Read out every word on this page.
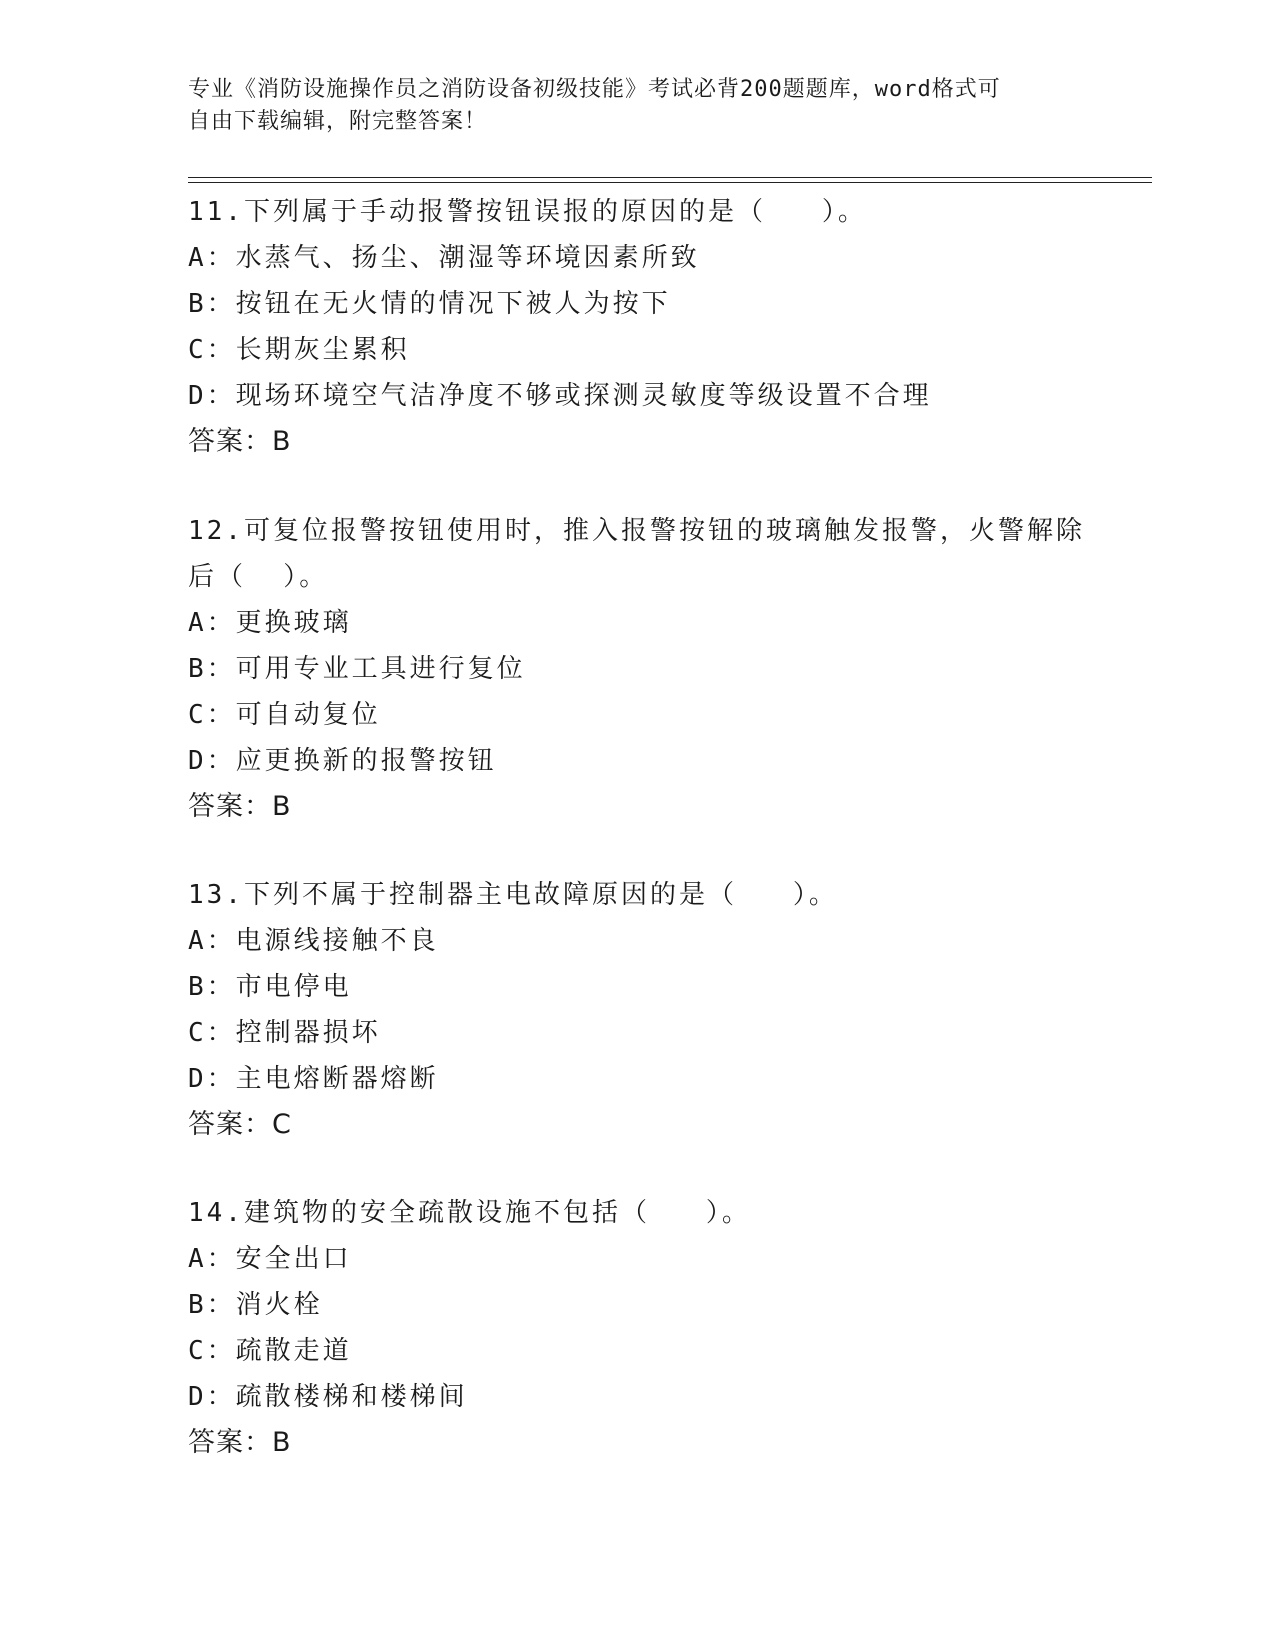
专业《消防设施操作员之消防设备初级技能》考试必背200题题库，word格式可
自由下载编辑，附完整答案！
11.下列属于手动报警按钮误报的原因的是（   ）。
A：水蒸气、扬尘、潮湿等环境因素所致
B：按钮在无火情的情况下被人为按下
C：长期灰尘累积
D：现场环境空气洁净度不够或探测灵敏度等级设置不合理
答案：B
12.可复位报警按钮使用时，推入报警按钮的玻璃触发报警，火警解除后（  ）。
A：更换玻璃
B：可用专业工具进行复位
C：可自动复位
D：应更换新的报警按钮
答案：B
13.下列不属于控制器主电故障原因的是（   ）。
A：电源线接触不良
B：市电停电
C：控制器损坏
D：主电熔断器熔断
答案：C
14.建筑物的安全疏散设施不包括（   ）。
A：安全出口
B：消火栓
C：疏散走道
D：疏散楼梯和楼梯间
答案：B
